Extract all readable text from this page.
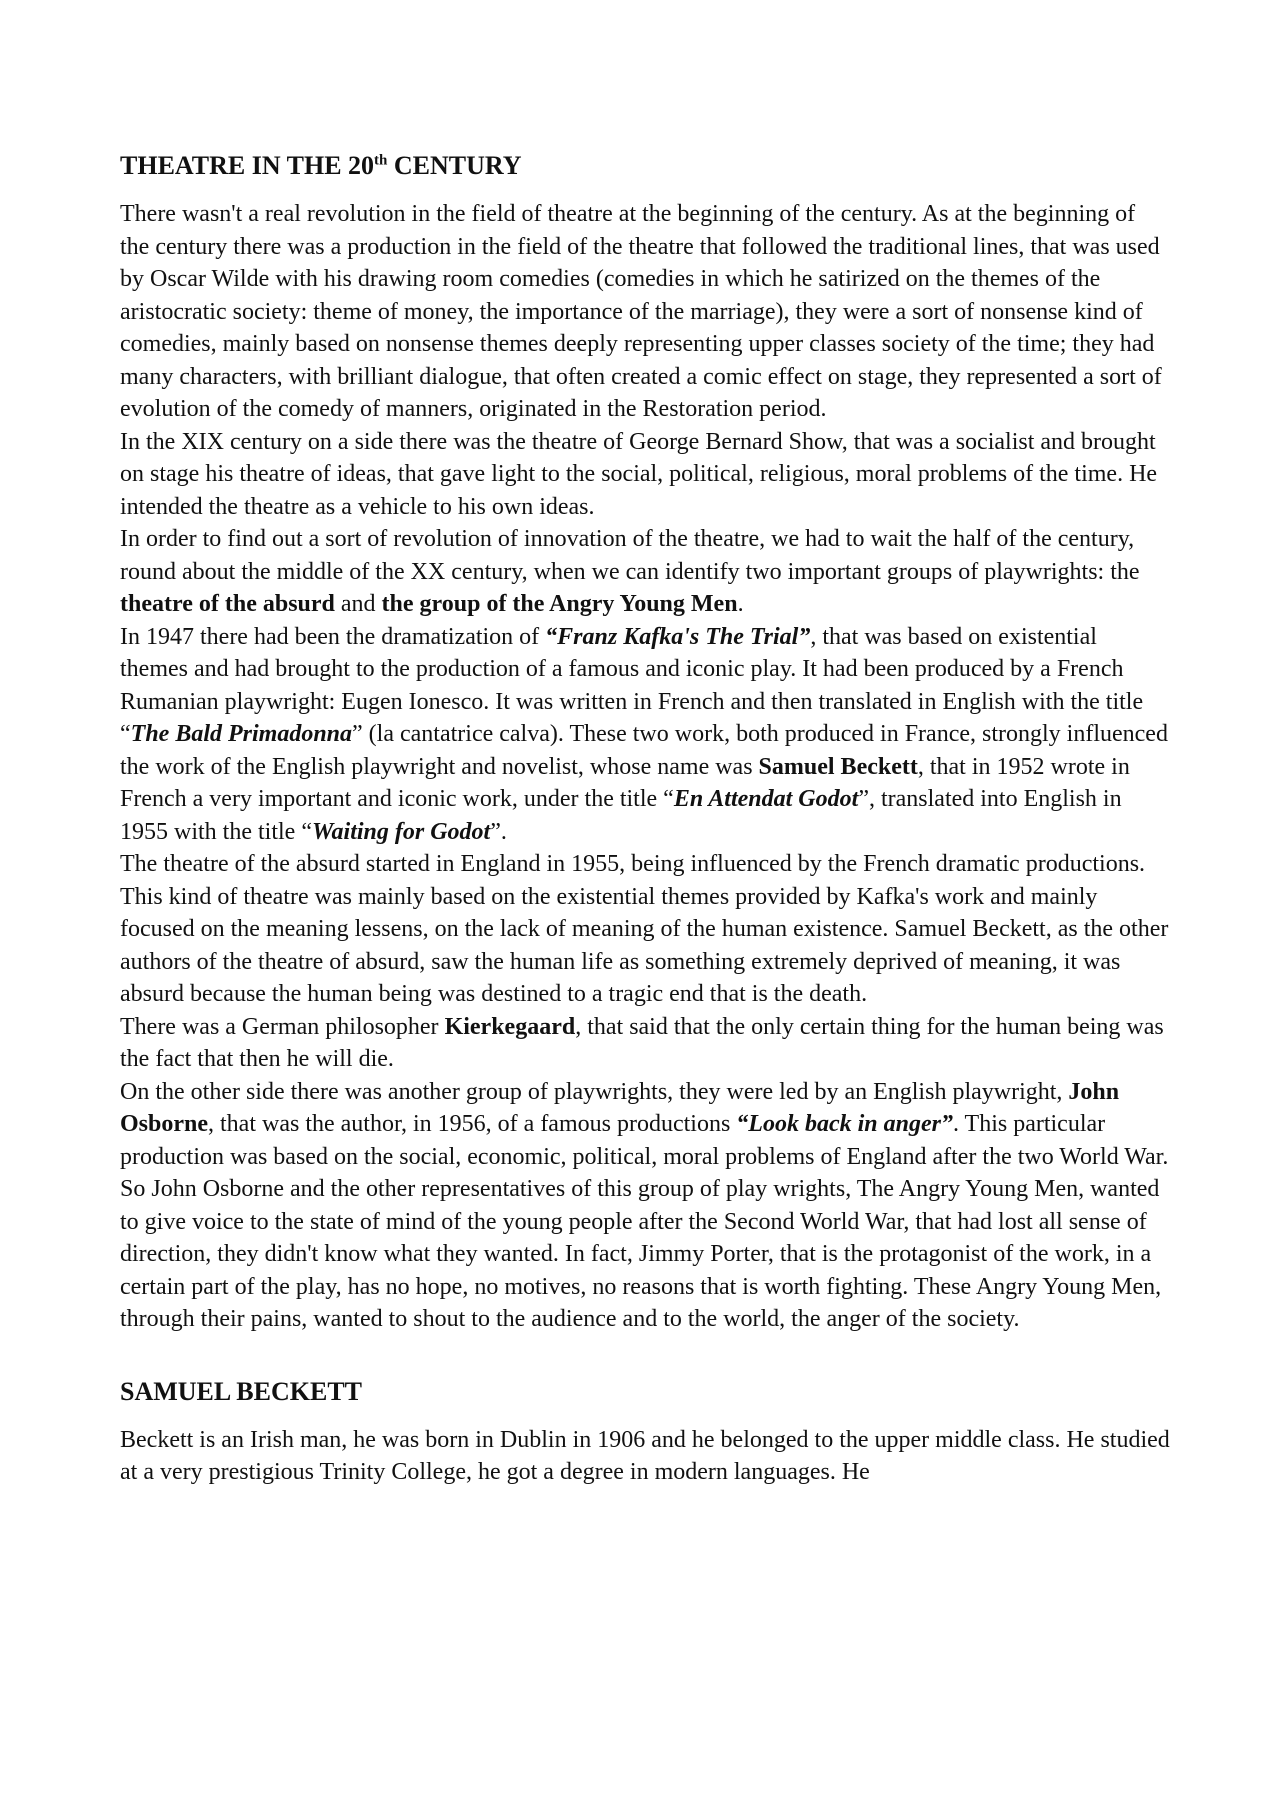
THEATRE IN THE 20th CENTURY

There wasn't a real revolution in the field of theatre at the beginning of the century. As at the beginning of the century there was a production in the field of the theatre that followed the traditional lines, that was used by Oscar Wilde with his drawing room comedies (comedies in which he satirized on the themes of the aristocratic society: theme of money, the importance of the marriage), they were a sort of nonsense kind of comedies, mainly based on nonsense themes deeply representing upper classes society of the time; they had many characters, with brilliant dialogue, that often created a comic effect on stage, they represented a sort of evolution of the comedy of manners, originated in the Restoration period.

In the XIX century on a side there was the theatre of George Bernard Show, that was a socialist and brought on stage his theatre of ideas, that gave light to the social, political, religious, moral problems of the time. He intended the theatre as a vehicle to his own ideas.

In order to find out a sort of revolution of innovation of the theatre, we had to wait the half of the century, round about the middle of the XX century, when we can identify two important groups of playwrights: the theatre of the absurd and the group of the Angry Young Men.

In 1947 there had been the dramatization of “Franz Kafka's The Trial”, that was based on existential themes and had brought to the production of a famous and iconic play. It had been produced by a French Rumanian playwright: Eugen Ionesco. It was written in French and then translated in English with the title “The Bald Primadonna” (la cantatrice calva). These two work, both produced in France, strongly influenced the work of the English playwright and novelist, whose name was Samuel Beckett, that in 1952 wrote in French a very important and iconic work, under the title “En Attendat Godot”, translated into English in 1955 with the title “Waiting for Godot”.

The theatre of the absurd started in England in 1955, being influenced by the French dramatic productions. This kind of theatre was mainly based on the existential themes provided by Kafka's work and mainly focused on the meaning lessens, on the lack of meaning of the human existence. Samuel Beckett, as the other authors of the theatre of absurd, saw the human life as something extremely deprived of meaning, it was absurd because the human being was destined to a tragic end that is the death.

There was a German philosopher Kierkegaard, that said that the only certain thing for the human being was the fact that then he will die.

On the other side there was another group of playwrights, they were led by an English playwright, John Osborne, that was the author, in 1956, of a famous productions “Look back in anger”. This particular production was based on the social, economic, political, moral problems of England after the two World War. So John Osborne and the other representatives of this group of play wrights, The Angry Young Men, wanted to give voice to the state of mind of the young people after the Second World War, that had lost all sense of direction, they didn't know what they wanted. In fact, Jimmy Porter, that is the protagonist of the work, in a certain part of the play, has no hope, no motives, no reasons that is worth fighting. These Angry Young Men, through their pains, wanted to shout to the audience and to the world, the anger of the society.

SAMUEL BECKETT

Beckett is an Irish man, he was born in Dublin in 1906 and he belonged to the upper middle class. He studied at a very prestigious Trinity College, he got a degree in modern languages. He
